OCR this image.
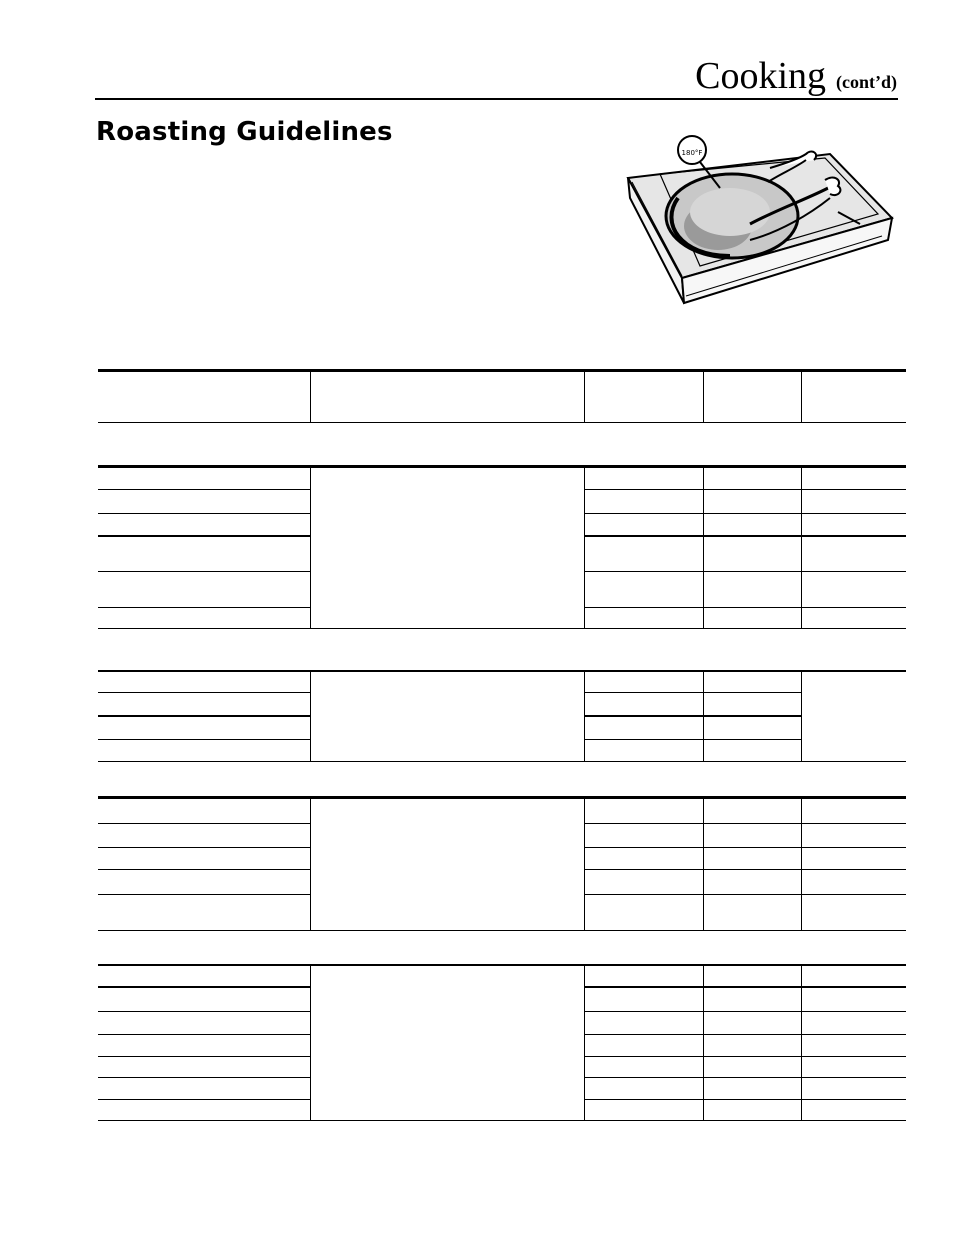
Cooking (cont’d)
Roasting Guidelines
180°F
